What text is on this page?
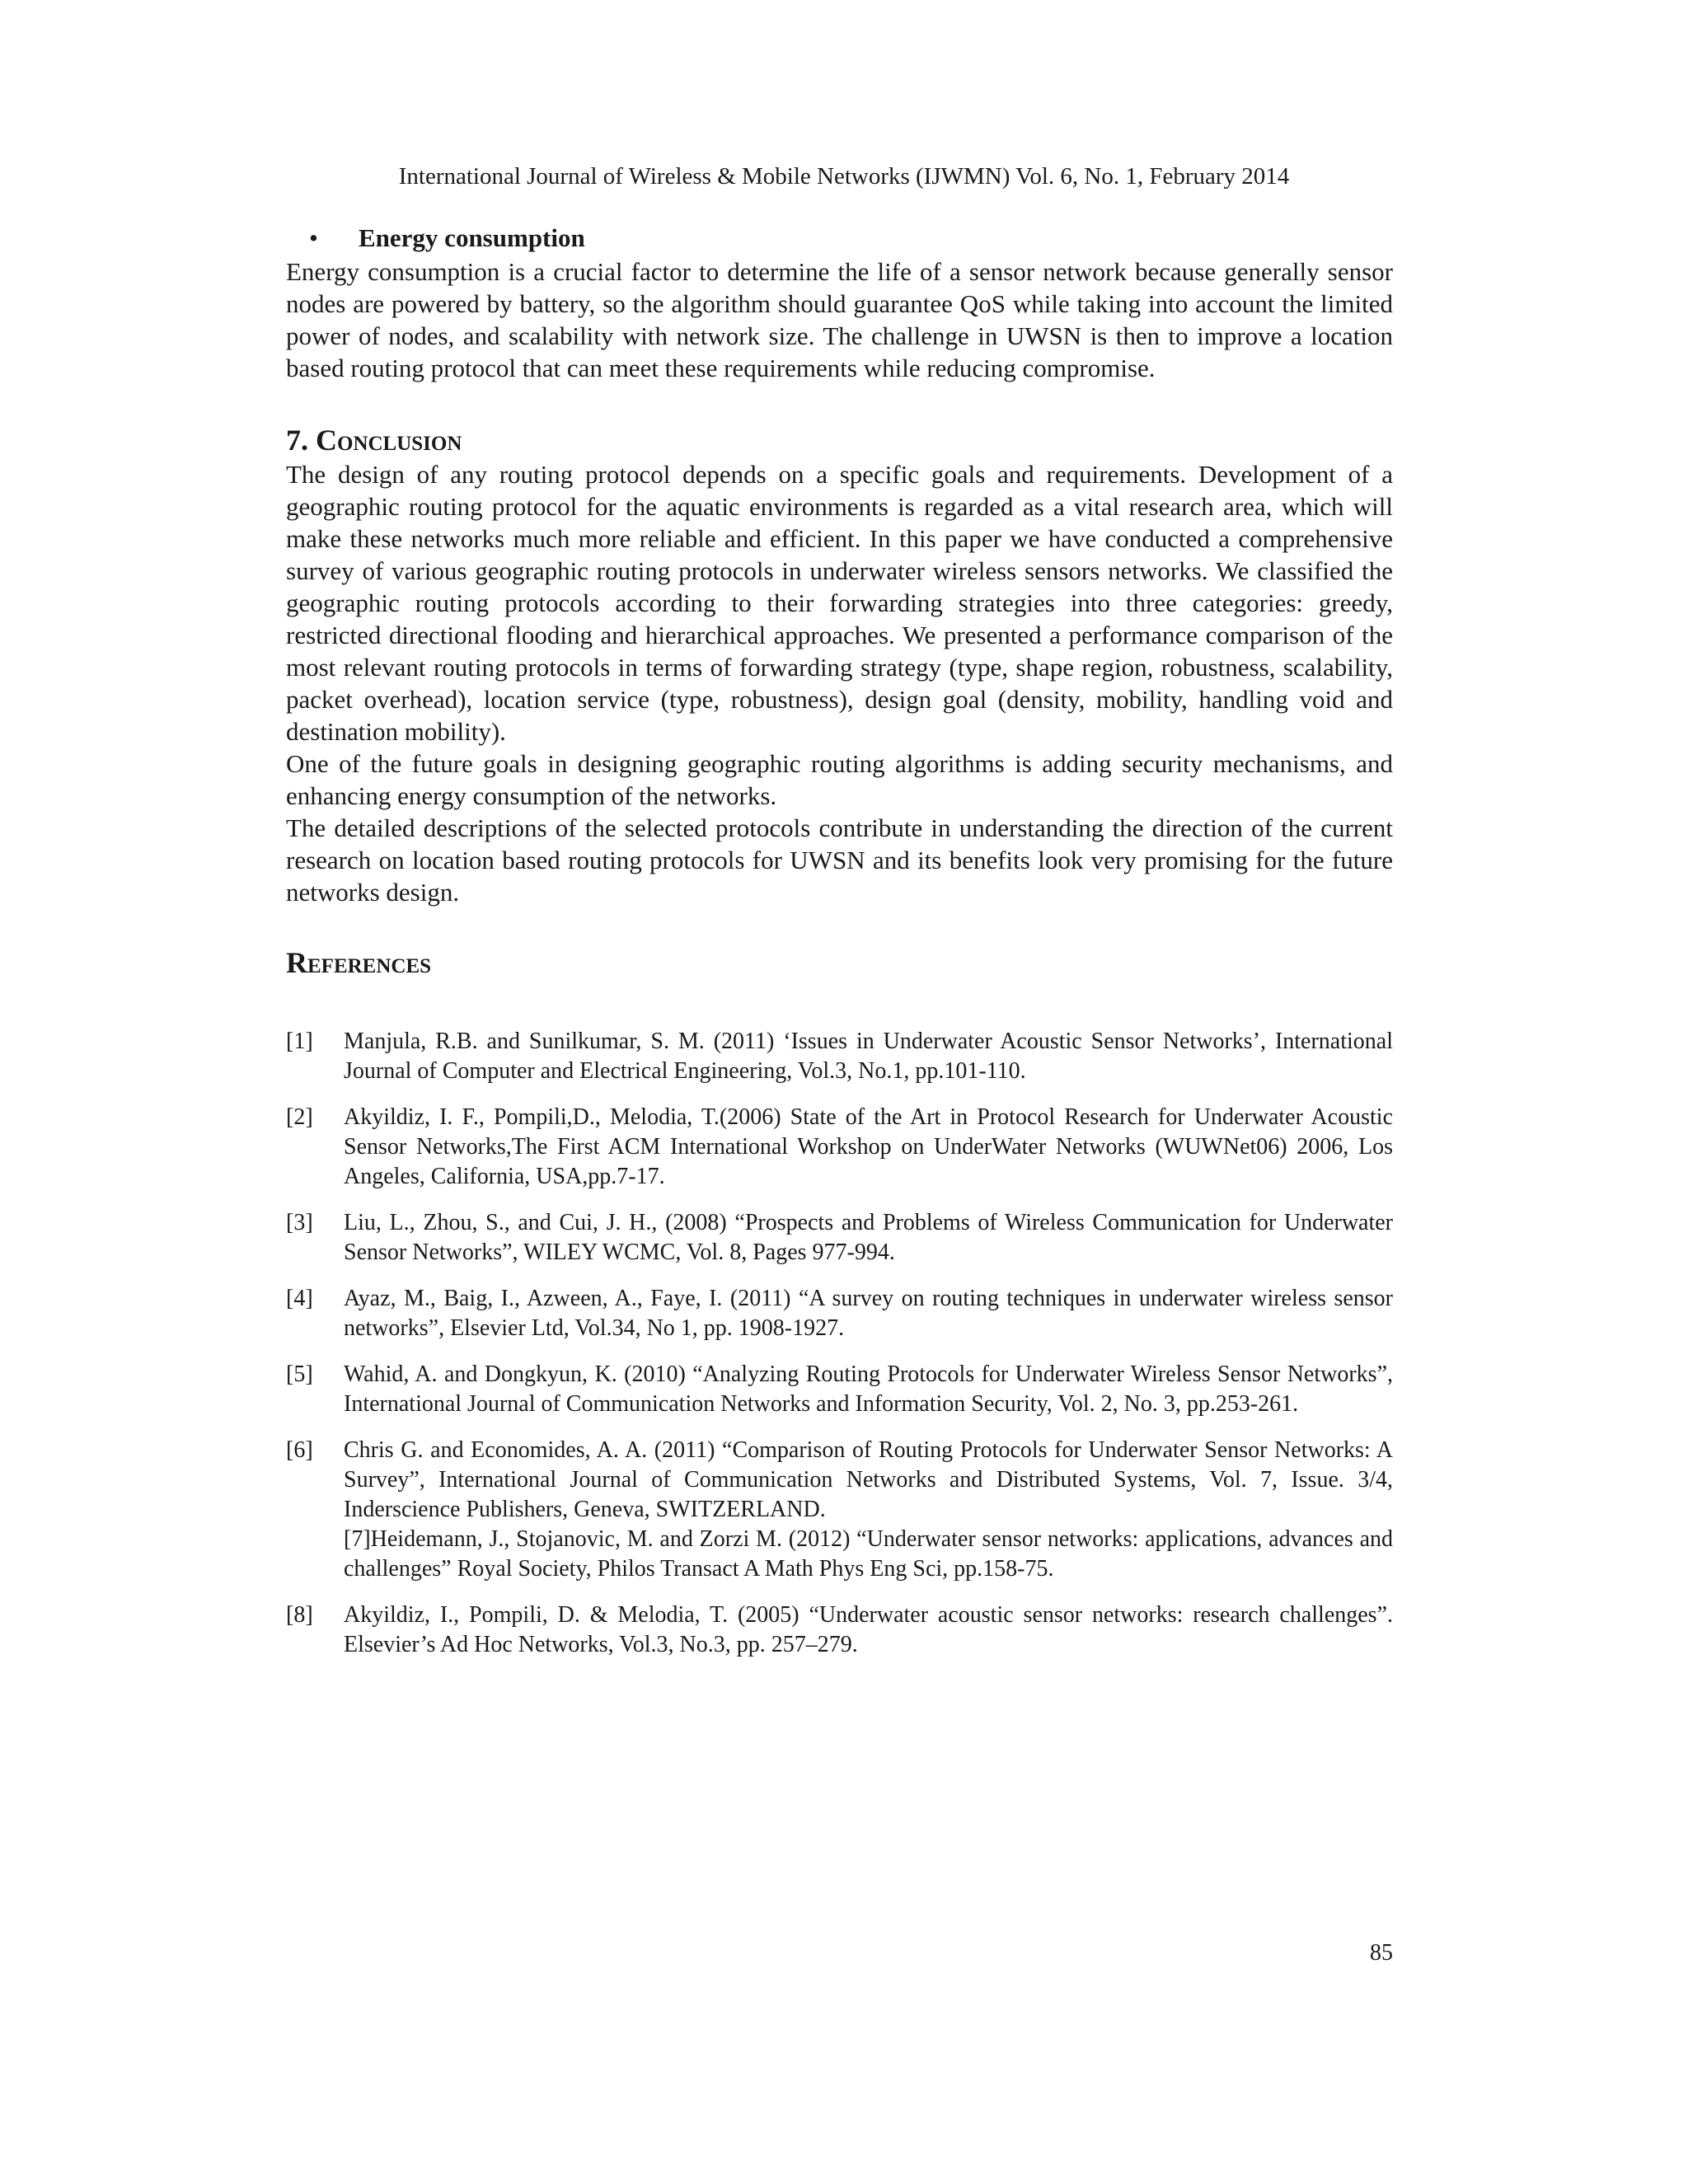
International Journal of Wireless & Mobile Networks (IJWMN) Vol. 6, No. 1, February 2014
•	Energy consumption

Energy consumption is a crucial factor to determine the life of a sensor network because generally sensor nodes are powered by battery, so the algorithm should guarantee QoS while taking into account the limited power of nodes, and scalability with network size. The challenge in UWSN is then to improve a location based routing protocol that can meet these requirements while reducing compromise.

7. Conclusion

The design of any routing protocol depends on a specific goals and requirements. Development of a geographic routing protocol for the aquatic environments is regarded as a vital research area, which will make these networks much more reliable and efficient. In this paper we have conducted a comprehensive survey of various geographic routing protocols in underwater wireless sensors networks. We classified the geographic routing protocols according to their forwarding strategies into three categories: greedy, restricted directional flooding and hierarchical approaches. We presented a performance comparison of the most relevant routing protocols in terms of forwarding strategy (type, shape region, robustness, scalability, packet overhead), location service (type, robustness), design goal (density, mobility, handling void and destination mobility).

One of the future goals in designing geographic routing algorithms is adding security mechanisms, and enhancing energy consumption of the networks.

The detailed descriptions of the selected protocols contribute in understanding the direction of the current research on location based routing protocols for UWSN and its benefits look very promising for the future networks design.

References
[1]	Manjula, R.B. and Sunilkumar, S. M. (2011) ‘Issues in Underwater Acoustic Sensor Networks’, International Journal of Computer and Electrical Engineering, Vol.3, No.1, pp.101-110.
[2]	Akyildiz, I. F., Pompili,D., Melodia, T.(2006) State of the Art in Protocol Research for Underwater Acoustic Sensor Networks,The First ACM International Workshop on UnderWater Networks (WUWNet06) 2006, Los Angeles, California, USA,pp.7-17.
[3]	Liu, L., Zhou, S., and Cui, J. H., (2008) “Prospects and Problems of Wireless Communication for Underwater Sensor Networks”, WILEY WCMC, Vol. 8, Pages 977-994.
[4]	Ayaz, M., Baig, I., Azween, A., Faye, I. (2011) “A survey on routing techniques in underwater wireless sensor networks”, Elsevier Ltd, Vol.34, No 1, pp. 1908-1927.
[5]	Wahid, A. and Dongkyun, K. (2010) “Analyzing Routing Protocols for Underwater Wireless Sensor Networks”, International Journal of Communication Networks and Information Security, Vol. 2, No. 3, pp.253-261.
[6]	Chris G. and Economides, A. A. (2011) “Comparison of Routing Protocols for Underwater Sensor Networks: A Survey”, International Journal of Communication Networks and Distributed Systems, Vol. 7, Issue. 3/4, Inderscience Publishers, Geneva, SWITZERLAND.
[7]Heidemann, J., Stojanovic, M. and Zorzi M. (2012) “Underwater sensor networks: applications, advances and challenges” Royal Society, Philos Transact A Math Phys Eng Sci, pp.158-75.
[8]	Akyildiz, I., Pompili, D. & Melodia, T. (2005) “Underwater acoustic sensor networks: research challenges”. Elsevier’s Ad Hoc Networks, Vol.3, No.3, pp. 257–279.
85
